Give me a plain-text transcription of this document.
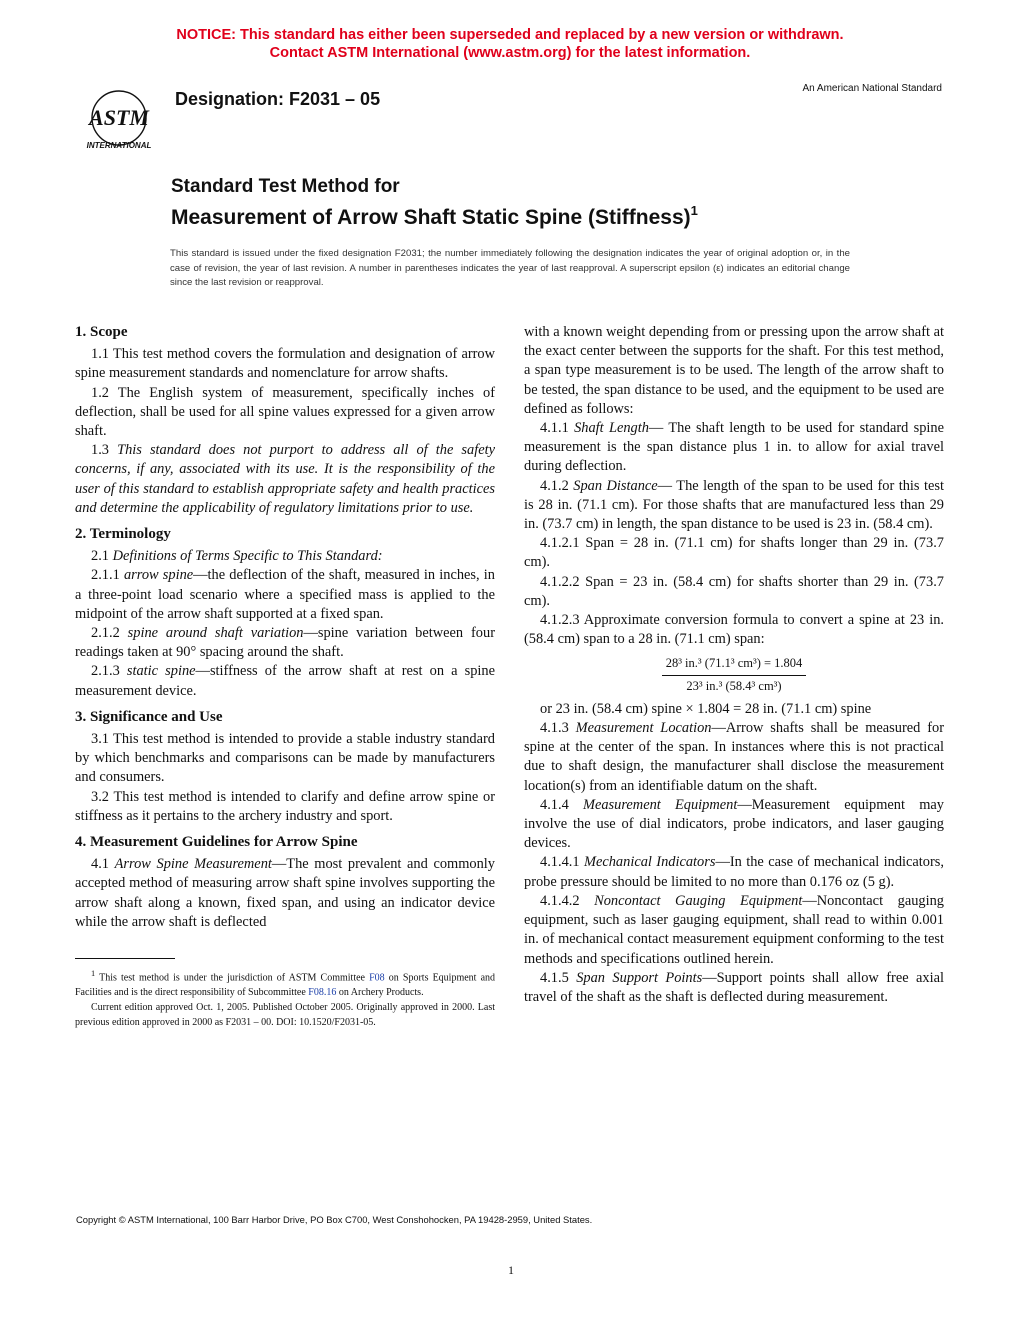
NOTICE: This standard has either been superseded and replaced by a new version or withdrawn.
Contact ASTM International (www.astm.org) for the latest information.
ASTM
INTERNATIONAL
Designation: F2031 – 05
An American National Standard
Standard Test Method for
Measurement of Arrow Shaft Static Spine (Stiffness)$^1$
This standard is issued under the fixed designation F2031; the number immediately following the designation indicates the year of original adoption or, in the case of revision, the year of last revision. A number in parentheses indicates the year of last reapproval. A superscript epsilon (ε) indicates an editorial change since the last revision or reapproval.
1. Scope

1.1 This test method covers the formulation and designation of arrow spine measurement standards and nomenclature for arrow shafts.

1.2 The English system of measurement, specifically inches of deflection, shall be used for all spine values expressed for a given arrow shaft.

1.3 This standard does not purport to address all of the safety concerns, if any, associated with its use. It is the responsibility of the user of this standard to establish appropriate safety and health practices and determine the applicability of regulatory limitations prior to use.

2. Terminology

2.1 Definitions of Terms Specific to This Standard:

2.1.1 arrow spine—the deflection of the shaft, measured in inches, in a three-point load scenario where a specified mass is applied to the midpoint of the arrow shaft supported at a fixed span.

2.1.2 spine around shaft variation—spine variation between four readings taken at 90° spacing around the shaft.

2.1.3 static spine—stiffness of the arrow shaft at rest on a spine measurement device.

3. Significance and Use

3.1 This test method is intended to provide a stable industry standard by which benchmarks and comparisons can be made by manufacturers and consumers.

3.2 This test method is intended to clarify and define arrow spine or stiffness as it pertains to the archery industry and sport.

4. Measurement Guidelines for Arrow Spine

4.1 Arrow Spine Measurement—The most prevalent and commonly accepted method of measuring arrow shaft spine involves supporting the arrow shaft along a known, fixed span, and using an indicator device while the arrow shaft is deflected

$^1$ This test method is under the jurisdiction of ASTM Committee F08 on Sports Equipment and Facilities and is the direct responsibility of Subcommittee F08.16 on Archery Products.

Current edition approved Oct. 1, 2005. Published October 2005. Originally approved in 2000. Last previous edition approved in 2000 as F2031 – 00. DOI: 10.1520/F2031-05.

with a known weight depending from or pressing upon the arrow shaft at the exact center between the supports for the shaft. For this test method, a span type measurement is to be used. The length of the arrow shaft to be tested, the span distance to be used, and the equipment to be used are defined as follows:

4.1.1 Shaft Length— The shaft length to be used for standard spine measurement is the span distance plus 1 in. to allow for axial travel during deflection.

4.1.2 Span Distance— The length of the span to be used for this test is 28 in. (71.1 cm). For those shafts that are manufactured less than 29 in. (73.7 cm) in length, the span distance to be used is 23 in. (58.4 cm).

4.1.2.1 Span = 28 in. (71.1 cm) for shafts longer than 29 in. (73.7 cm).

4.1.2.2 Span = 23 in. (58.4 cm) for shafts shorter than 29 in. (73.7 cm).

4.1.2.3 Approximate conversion formula to convert a spine at 23 in. (58.4 cm) span to a 28 in. (71.1 cm) span:

$\frac{\text{28³ in.³ (71.1³ cm³) = 1.804}}{\text{23³ in.³ (58.4³ cm³)}}$

or 23 in. (58.4 cm) spine × 1.804 = 28 in. (71.1 cm) spine

4.1.3 Measurement Location—Arrow shafts shall be measured for spine at the center of the span. In instances where this is not practical due to shaft design, the manufacturer shall disclose the measurement location(s) from an identifiable datum on the shaft.

4.1.4 Measurement Equipment—Measurement equipment may involve the use of dial indicators, probe indicators, and laser gauging devices.

4.1.4.1 Mechanical Indicators—In the case of mechanical indicators, probe pressure should be limited to no more than 0.176 oz (5 g).

4.1.4.2 Noncontact Gauging Equipment—Noncontact gauging equipment, such as laser gauging equipment, shall read to within 0.001 in. of mechanical contact measurement equipment conforming to the test methods and specifications outlined herein.

4.1.5 Span Support Points—Support points shall allow free axial travel of the shaft as the shaft is deflected during measurement.

Copyright © ASTM International, 100 Barr Harbor Drive, PO Box C700, West Conshohocken, PA 19428-2959, United States.
1
